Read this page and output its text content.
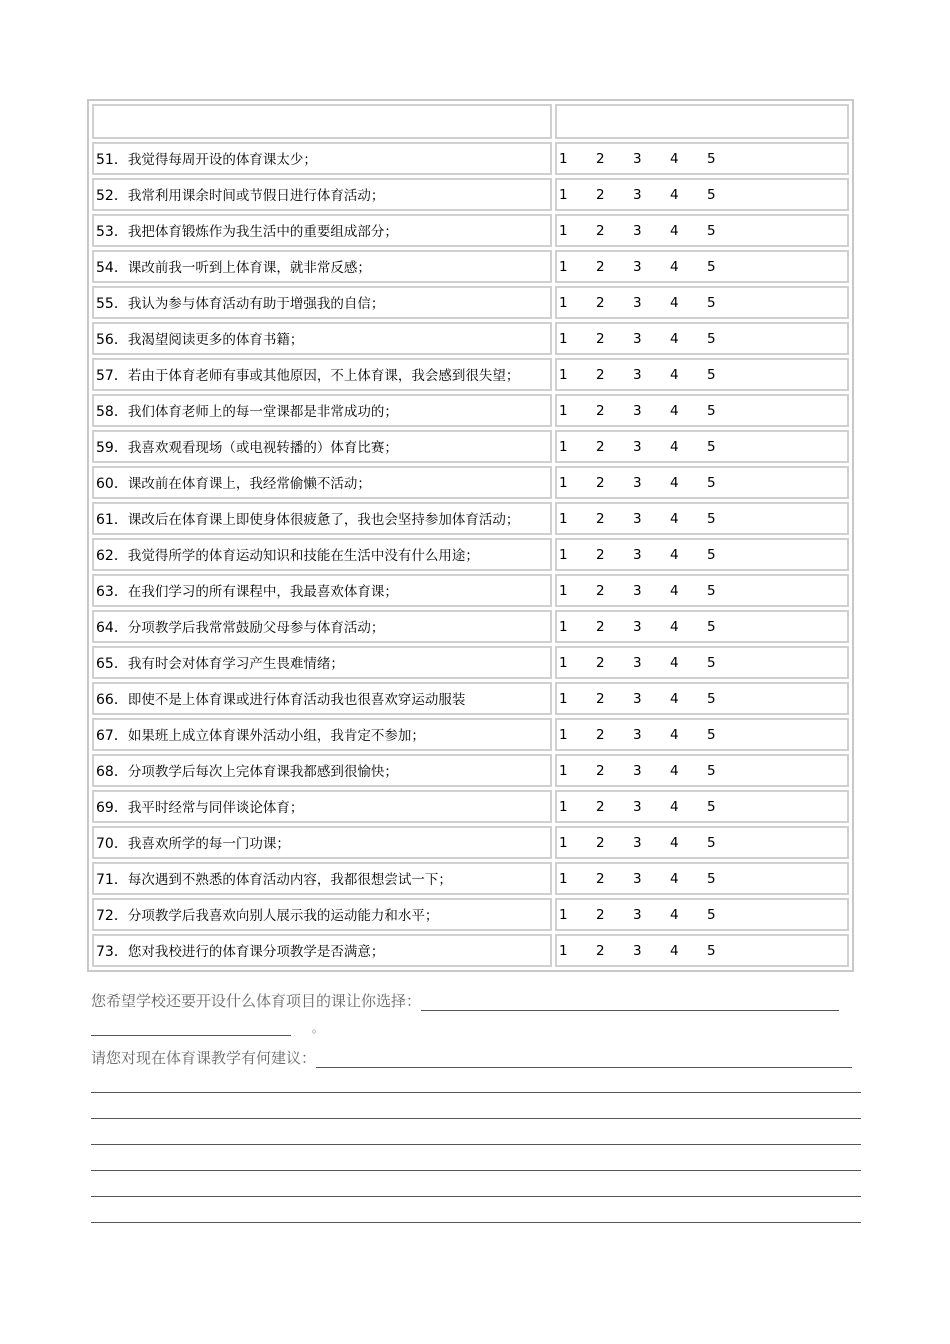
51．我觉得每周开设的体育课太少；	1 2 3 4 5
52．我常利用课余时间或节假日进行体育活动；	1 2 3 4 5
53．我把体育锻炼作为我生活中的重要组成部分；	1 2 3 4 5
54．课改前我一听到上体育课，就非常反感；	1 2 3 4 5
55．我认为参与体育活动有助于增强我的自信；	1 2 3 4 5
56．我渴望阅读更多的体育书籍；	1 2 3 4 5
57．若由于体育老师有事或其他原因，不上体育课，我会感到很失望；	1 2 3 4 5
58．我们体育老师上的每一堂课都是非常成功的；	1 2 3 4 5
59．我喜欢观看现场（或电视转播的）体育比赛；	1 2 3 4 5
60．课改前在体育课上，我经常偷懒不活动；	1 2 3 4 5
61．课改后在体育课上即使身体很疲惫了，我也会坚持参加体育活动；	1 2 3 4 5
62．我觉得所学的体育运动知识和技能在生活中没有什么用途；	1 2 3 4 5
63．在我们学习的所有课程中，我最喜欢体育课；	1 2 3 4 5
64．分项教学后我常常鼓励父母参与体育活动；	1 2 3 4 5
65．我有时会对体育学习产生畏难情绪；	1 2 3 4 5
66．即使不是上体育课或进行体育活动我也很喜欢穿运动服装	1 2 3 4 5
67．如果班上成立体育课外活动小组，我肯定不参加；	1 2 3 4 5
68．分项教学后每次上完体育课我都感到很愉快；	1 2 3 4 5
69．我平时经常与同伴谈论体育；	1 2 3 4 5
70．我喜欢所学的每一门功课；	1 2 3 4 5
71．每次遇到不熟悉的体育活动内容，我都很想尝试一下；	1 2 3 4 5
72．分项教学后我喜欢向别人展示我的运动能力和水平；	1 2 3 4 5
73．您对我校进行的体育课分项教学是否满意；	1 2 3 4 5
您希望学校还要开设什么体育项目的课让你选择：
。
请您对现在体育课教学有何建议：
